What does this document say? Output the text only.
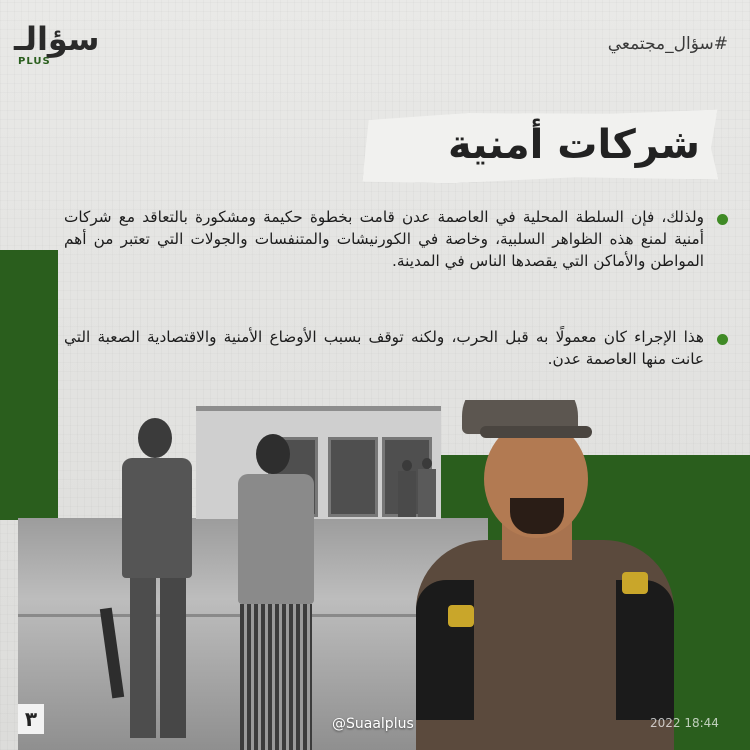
سؤالـ
PLUS
#سؤال_مجتمعي
شركات أمنية
ولذلك، فإن السلطة المحلية في العاصمة عدن قامت بخطوة حكيمة ومشكورة بالتعاقد مع شركات أمنية لمنع هذه الظواهر السلبية، وخاصة في الكورنيشات والمتنفسات والجولات التي تعتبر من أهم المواطن والأماكن التي يقصدها الناس في المدينة.
هذا الإجراء كان معمولًا به قبل الحرب، ولكنه توقف بسبب الأوضاع الأمنية والاقتصادية الصعبة التي عانت منها العاصمة عدن.
٣	@Suaalplus	2022 18:44
